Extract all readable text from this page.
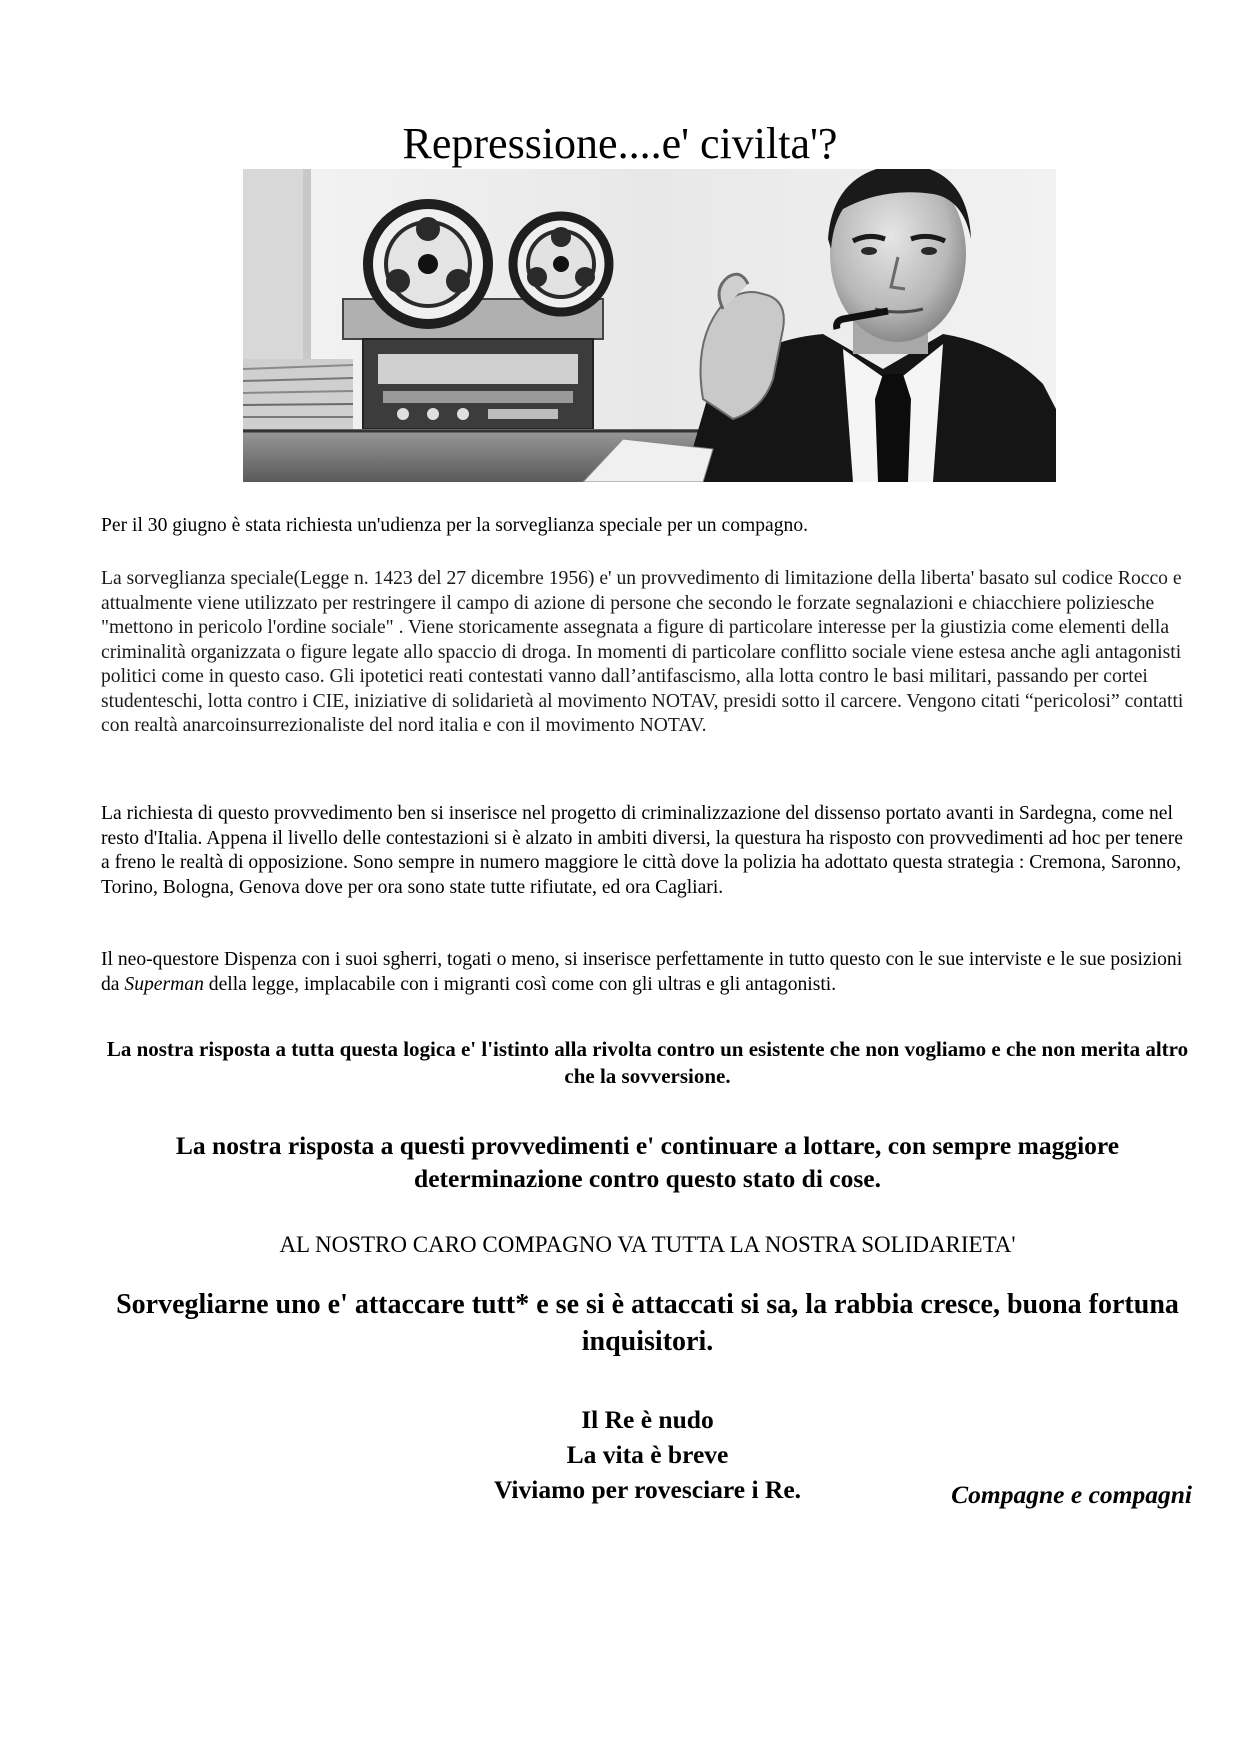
Repressione....e' civilta'?

Per il 30 giugno è stata richiesta un'udienza per la sorveglianza speciale per un compagno.

La sorveglianza speciale(Legge n. 1423 del 27 dicembre 1956) e' un provvedimento di limitazione della liberta' basato sul codice Rocco e attualmente viene utilizzato per restringere il campo di azione di persone che secondo le forzate segnalazioni e chiacchiere poliziesche "mettono in pericolo l'ordine sociale" . Viene storicamente assegnata a figure di particolare interesse per la giustizia come elementi della criminalità organizzata o figure legate allo spaccio di droga. In momenti di particolare conflitto sociale viene estesa anche agli antagonisti politici come in questo caso. Gli ipotetici reati contestati vanno dall’antifascismo, alla lotta contro le basi militari, passando per cortei studenteschi, lotta contro i CIE, iniziative di solidarietà al movimento NOTAV, presidi sotto il carcere. Vengono citati “pericolosi” contatti con realtà anarcoinsurrezionaliste del nord italia e con il movimento NOTAV.

La richiesta di questo provvedimento ben si inserisce nel progetto di criminalizzazione del dissenso portato avanti in Sardegna, come nel resto d'Italia. Appena il livello delle contestazioni si è alzato in ambiti diversi, la questura ha risposto con provvedimenti ad hoc per tenere a freno le realtà di opposizione. Sono sempre in numero maggiore le città dove la polizia ha adottato questa strategia : Cremona, Saronno, Torino, Bologna, Genova dove per ora sono state tutte rifiutate, ed ora Cagliari.

Il neo-questore Dispenza con i suoi sgherri, togati o meno, si inserisce perfettamente in tutto questo con le sue interviste e le sue posizioni da Superman della legge, implacabile con i migranti così come con gli ultras e gli antagonisti.

La nostra risposta a tutta questa logica e' l'istinto alla rivolta contro un esistente che non vogliamo e che non merita altro che la sovversione.

La nostra risposta a questi provvedimenti e' continuare a lottare, con sempre maggiore determinazione contro questo stato di cose.

AL NOSTRO CARO COMPAGNO VA TUTTA LA NOSTRA SOLIDARIETA'

Sorvegliarne uno e' attaccare tutt* e se si è attaccati si sa, la rabbia cresce, buona fortuna inquisitori.

Il Re è nudo
La vita è breve
Viviamo per rovesciare i Re.	Compagne e compagni
